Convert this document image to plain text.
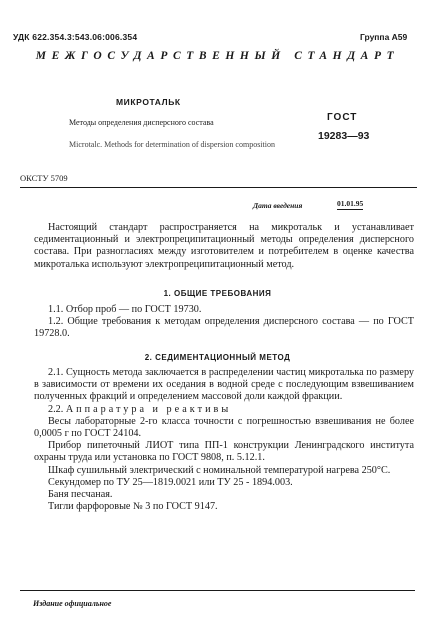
УДК 622.354.3:543.06:006.354	Группа А59
МЕЖГОСУДАРСТВЕННЫЙ СТАНДАРТ
МИКРОТАЛЬК
Методы определения дисперсного состава
Microtalc. Methods for determination of dispersion composition
ГОСТ
19283—93
ОКСТУ 5709
Дата введения	01.01.95

Настоящий стандарт распространяется на микротальк и устанавливает седиментационный и электропреципитационный методы определения дисперсного состава. При разногласиях между изготовителем и потребителем в оценке качества микроталька используют электропреципитационный метод.

1. ОБЩИЕ ТРЕБОВАНИЯ

1.1. Отбор проб — по ГОСТ 19730.

1.2. Общие требования к методам определения дисперсного состава — по ГОСТ 19728.0.

2. СЕДИМЕНТАЦИОННЫЙ МЕТОД

2.1. Сущность метода заключается в распределении частиц микроталька по размеру в зависимости от времени их оседания в водной среде с последующим взвешиванием полученных фракций и определением массовой доли каждой фракции.

2.2. Аппаратура и реактивы

Весы лабораторные 2-го класса точности с погрешностью взвешивания не более 0,0005 г по ГОСТ 24104.

Прибор пипеточный ЛИОТ типа ПП-1 конструкции Ленинградского института охраны труда или установка по ГОСТ 9808, п. 5.12.1.

Шкаф сушильный электрический с номинальной температурой нагрева 250°С.

Секундомер по ТУ 25—1819.0021 или ТУ 25 - 1894.003.

Баня песчаная.

Тигли фарфоровые № 3 по ГОСТ 9147.

Издание официальное
